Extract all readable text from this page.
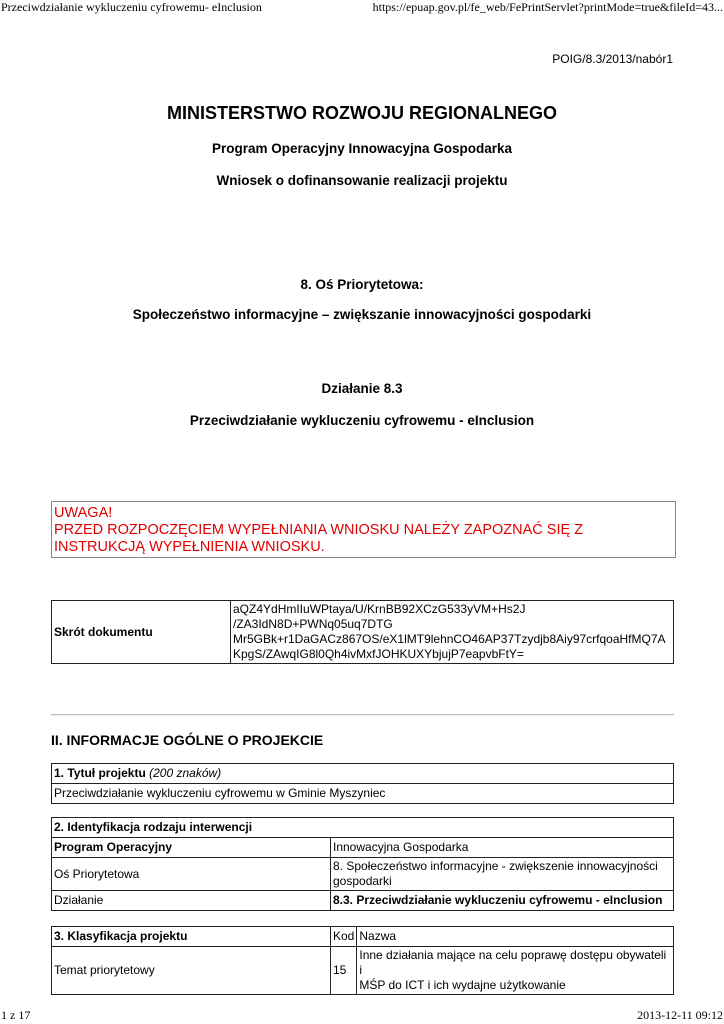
Przeciwdziałanie wykluczeniu cyfrowemu- eInclusion	https://epuap.gov.pl/fe_web/FePrintServlet?printMode=true&fileId=43...
POIG/8.3/2013/nabór1
MINISTERSTWO ROZWOJU REGIONALNEGO
Program Operacyjny Innowacyjna Gospodarka
Wniosek o dofinansowanie realizacji projektu
8. Oś Priorytetowa:
Społeczeństwo informacyjne – zwiększanie innowacyjności gospodarki
Działanie 8.3
Przeciwdziałanie wykluczeniu cyfrowemu - eInclusion
UWAGA!
PRZED ROZPOCZĘCIEM WYPEŁNIANIA WNIOSKU NALEŻY ZAPOZNAĆ SIĘ Z
INSTRUKCJĄ WYPEŁNIENIA WNIOSKU.
Skrót dokumentu	
aQZ4YdHmIIuWPtaya/U/KrnBB92XCzG533yVM+Hs2J
/ZA3IdN8D+PWNq05uq7DTG
Mr5GBk+r1DaGACz867OS/eX1lMT9lehnCO46AP37Tzydjb8Aiy97crfqoaHfMQ7A
KpgS/ZAwqIG8l0Qh4ivMxfJOHKUXYbjujP7eapvbFtY=
II. INFORMACJE OGÓLNE O PROJEKCIE
1. Tytuł projektu (200 znaków)
Przeciwdziałanie wykluczeniu cyfrowemu w Gminie Myszyniec
2. Identyfikacja rodzaju interwencji	
Program Operacyjny	Innowacyjna Gospodarka
Oś Priorytetowa	8. Społeczeństwo informacyjne - zwiększenie innowacyjności
gospodarki

Działanie	8.3. Przeciwdziałanie wykluczeniu cyfrowemu - eInclusion
3. Klasyfikacja projektu	Kod	Nazwa
Temat priorytetowy	15	Inne działania mające na celu poprawę dostępu obywateli i
MŚP do ICT i ich wydajne użytkowanie
1 z 17	2013-12-11 09:12
